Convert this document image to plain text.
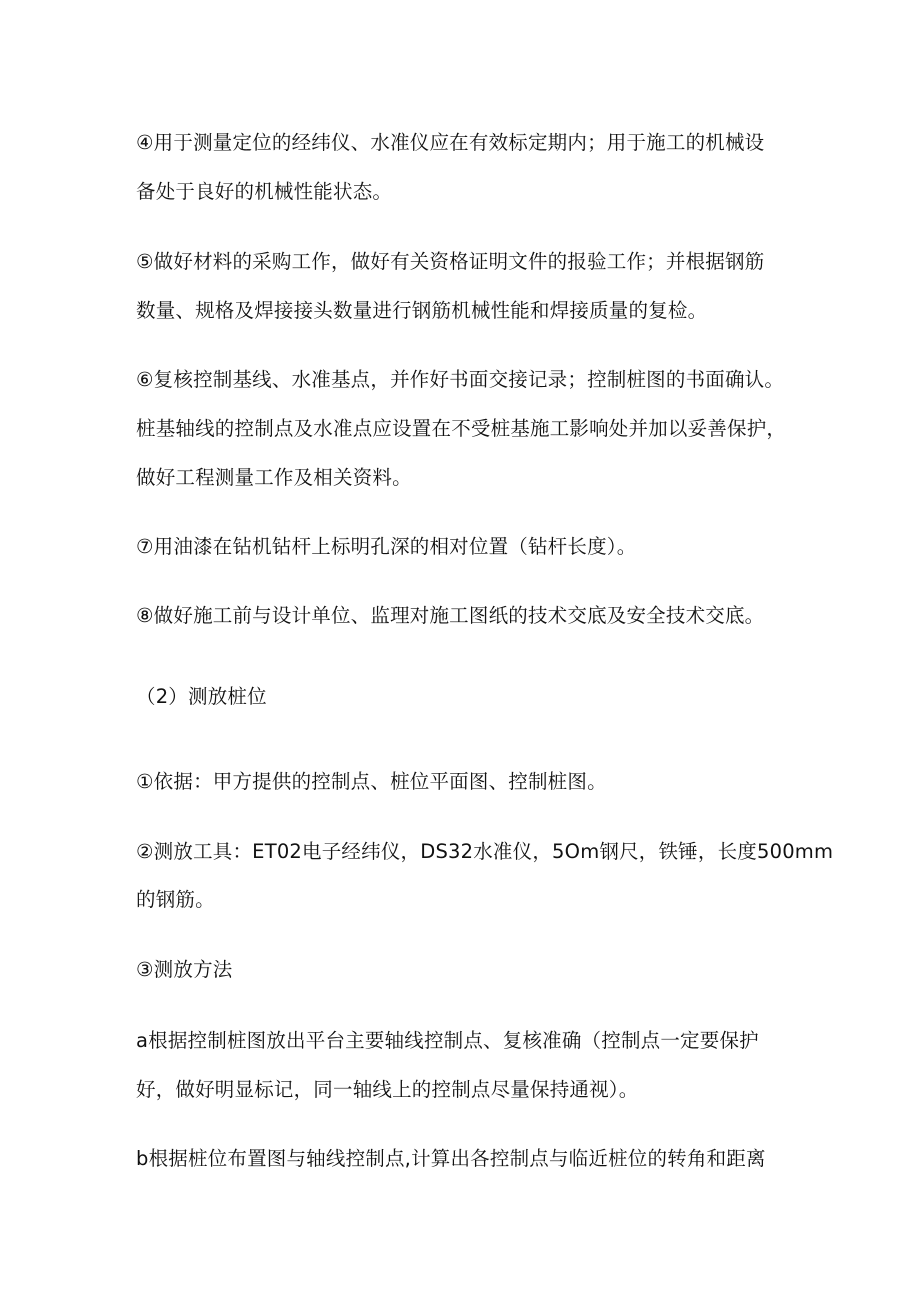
④用于测量定位的经纬仪、水准仪应在有效标定期内；用于施工的机械设
备处于良好的机械性能状态。
⑤做好材料的采购工作，做好有关资格证明文件的报验工作；并根据钢筋
数量、规格及焊接接头数量进行钢筋机械性能和焊接质量的复检。
⑥复核控制基线、水准基点，并作好书面交接记录；控制桩图的书面确认。
桩基轴线的控制点及水准点应设置在不受桩基施工影响处并加以妥善保护，
做好工程测量工作及相关资料。
⑦用油漆在钻机钻杆上标明孔深的相对位置（钻杆长度）。
⑧做好施工前与设计单位、监理对施工图纸的技术交底及安全技术交底。
（2）测放桩位
①依据：甲方提供的控制点、桩位平面图、控制桩图。
②测放工具：ET02电子经纬仪，DS32水准仪，5Om钢尺，铁锤，长度500mm
的钢筋。
③测放方法
a根据控制桩图放出平台主要轴线控制点、复核准确（控制点一定要保护
好，做好明显标记，同一轴线上的控制点尽量保持通视）。
b根据桩位布置图与轴线控制点,计算出各控制点与临近桩位的转角和距离
